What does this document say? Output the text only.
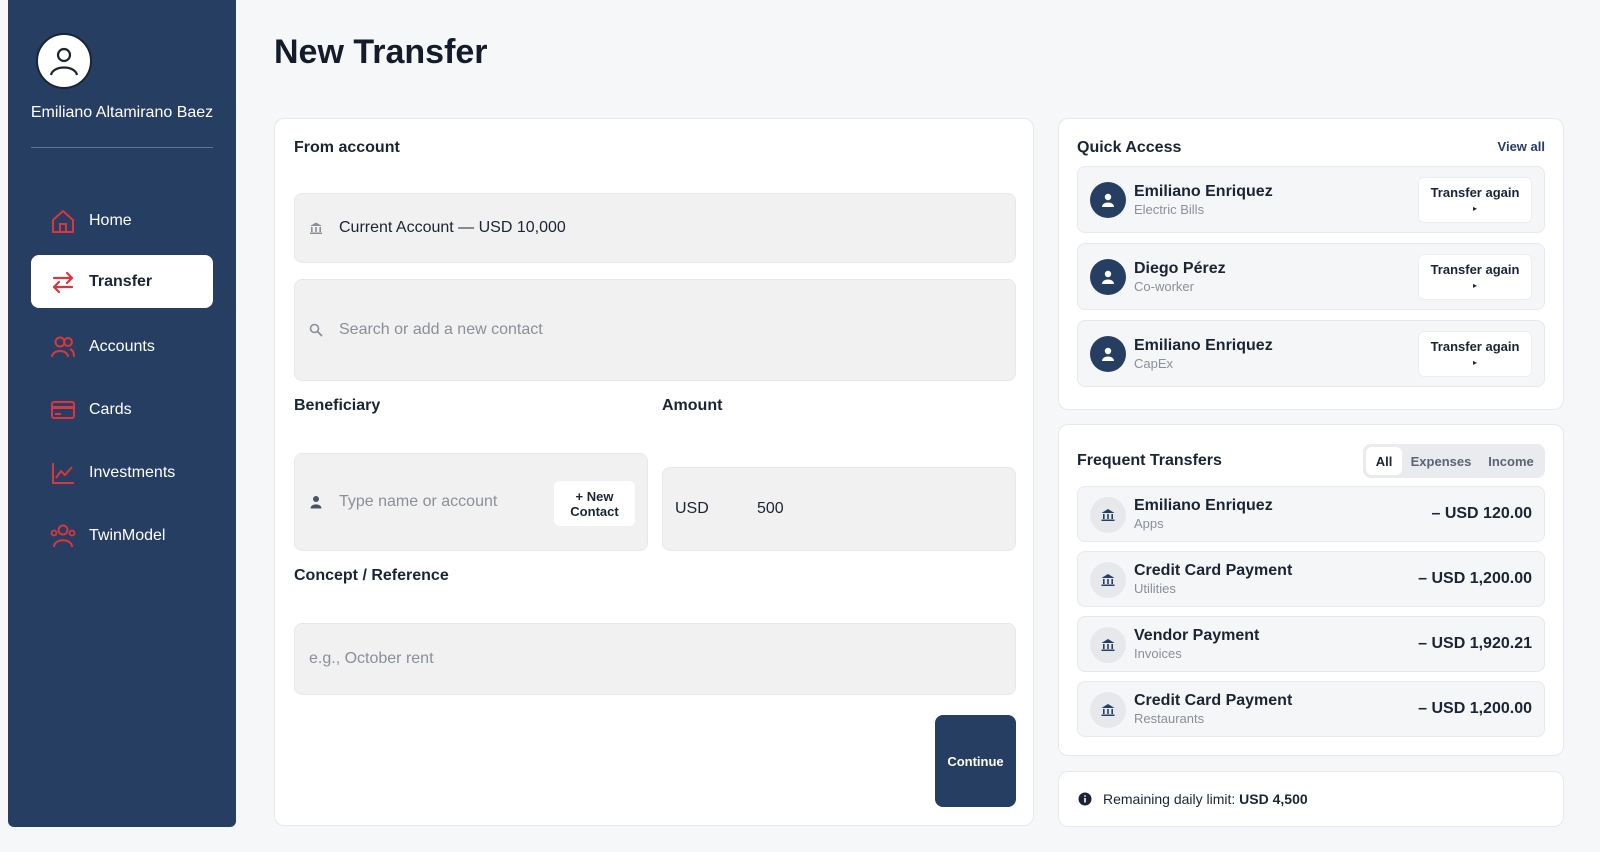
Emiliano Altamirano Baez
Home
Transfer
Accounts
Cards
Investments
TwinModel
New Transfer
From account
Current Account — USD 10,000
Search or add a new contact
Beneficiary	Amount
Type name or account	+ New Contact	USD	500
Concept / Reference
e.g., October rent
Continue
Quick Access	View all
Emiliano Enriquez
Electric Bills
Transfer again
▸
Diego Pérez
Co-worker
Transfer again
▸
Emiliano Enriquez
CapEx
Transfer again
▸
Frequent Transfers	All	Expenses	Income
Emiliano Enriquez
Apps
– USD 120.00
Credit Card Payment
Utilities
– USD 1,200.00
Vendor Payment
Invoices
– USD 1,920.21
Credit Card Payment
Restaurants
– USD 1,200.00
Remaining daily limit: USD 4,500
